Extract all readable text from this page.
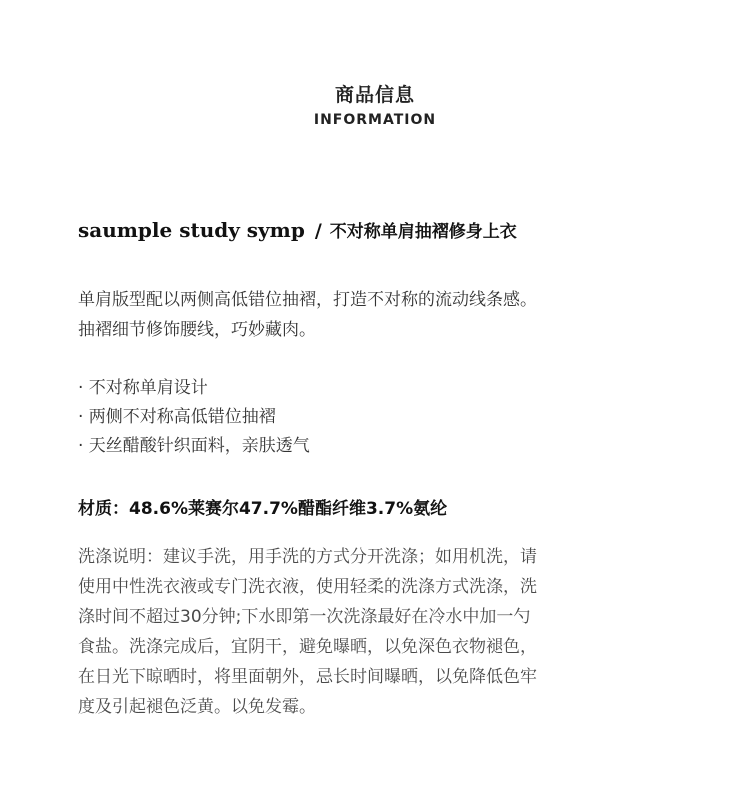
商品信息
INFORMATION
saumple study symp / 不对称单肩抽褶修身上衣
单肩版型配以两侧高低错位抽褶，打造不对称的流动线条感。
抽褶细节修饰腰线，巧妙藏肉。
· 不对称单肩设计
· 两侧不对称高低错位抽褶
· 天丝醋酸针织面料，亲肤透气
材质：48.6%莱赛尔47.7%醋酯纤维3.7%氨纶
洗涤说明：建议手洗，用手洗的方式分开洗涤；如用机洗，请
使用中性洗衣液或专门洗衣液，使用轻柔的洗涤方式洗涤，洗
涤时间不超过30分钟;下水即第一次洗涤最好在冷水中加一勺
食盐。洗涤完成后，宜阴干，避免曝晒，以免深色衣物褪色，
在日光下晾晒时，将里面朝外，忌长时间曝晒，以免降低色牢
度及引起褪色泛黄。以免发霉。
